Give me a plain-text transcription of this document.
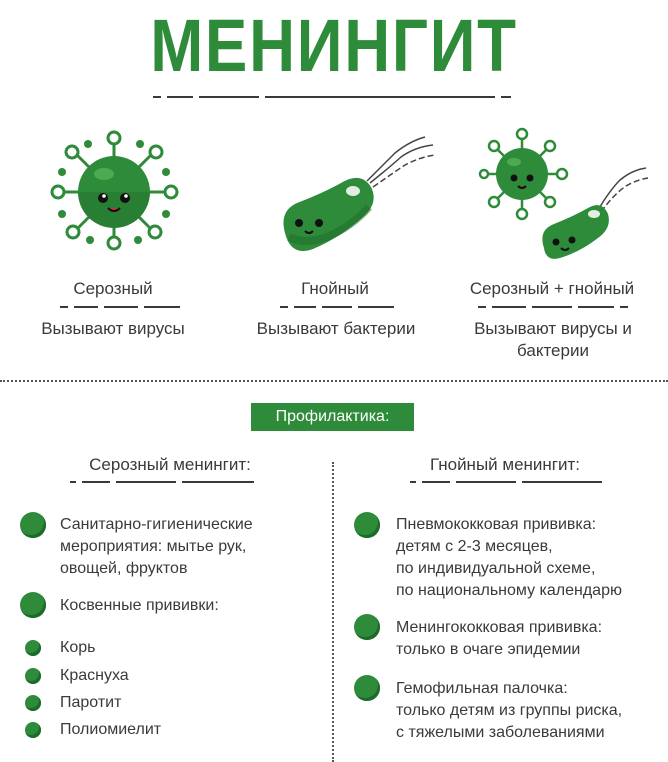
МЕНИНГИТ
Серозный
Вызывают вирусы
Гнойный
Вызывают бактерии
Серозный + гнойный
Вызывают вирусы и
бактерии
Профилактика:
Серозный менингит:	Гнойный менингит:
Санитарно-гигиенические
мероприятия: мытье рук,
овощей, фруктов
Косвенные прививки:
Корь
Краснуха
Паротит
Полиомиелит
Пневмококковая прививка:
детям с 2-3 месяцев,
по индивидуальной схеме,
по национальному календарю
Менингококковая прививка:
только в очаге эпидемии
Гемофильная палочка:
только детям из группы риска,
с тяжелыми заболеваниями
